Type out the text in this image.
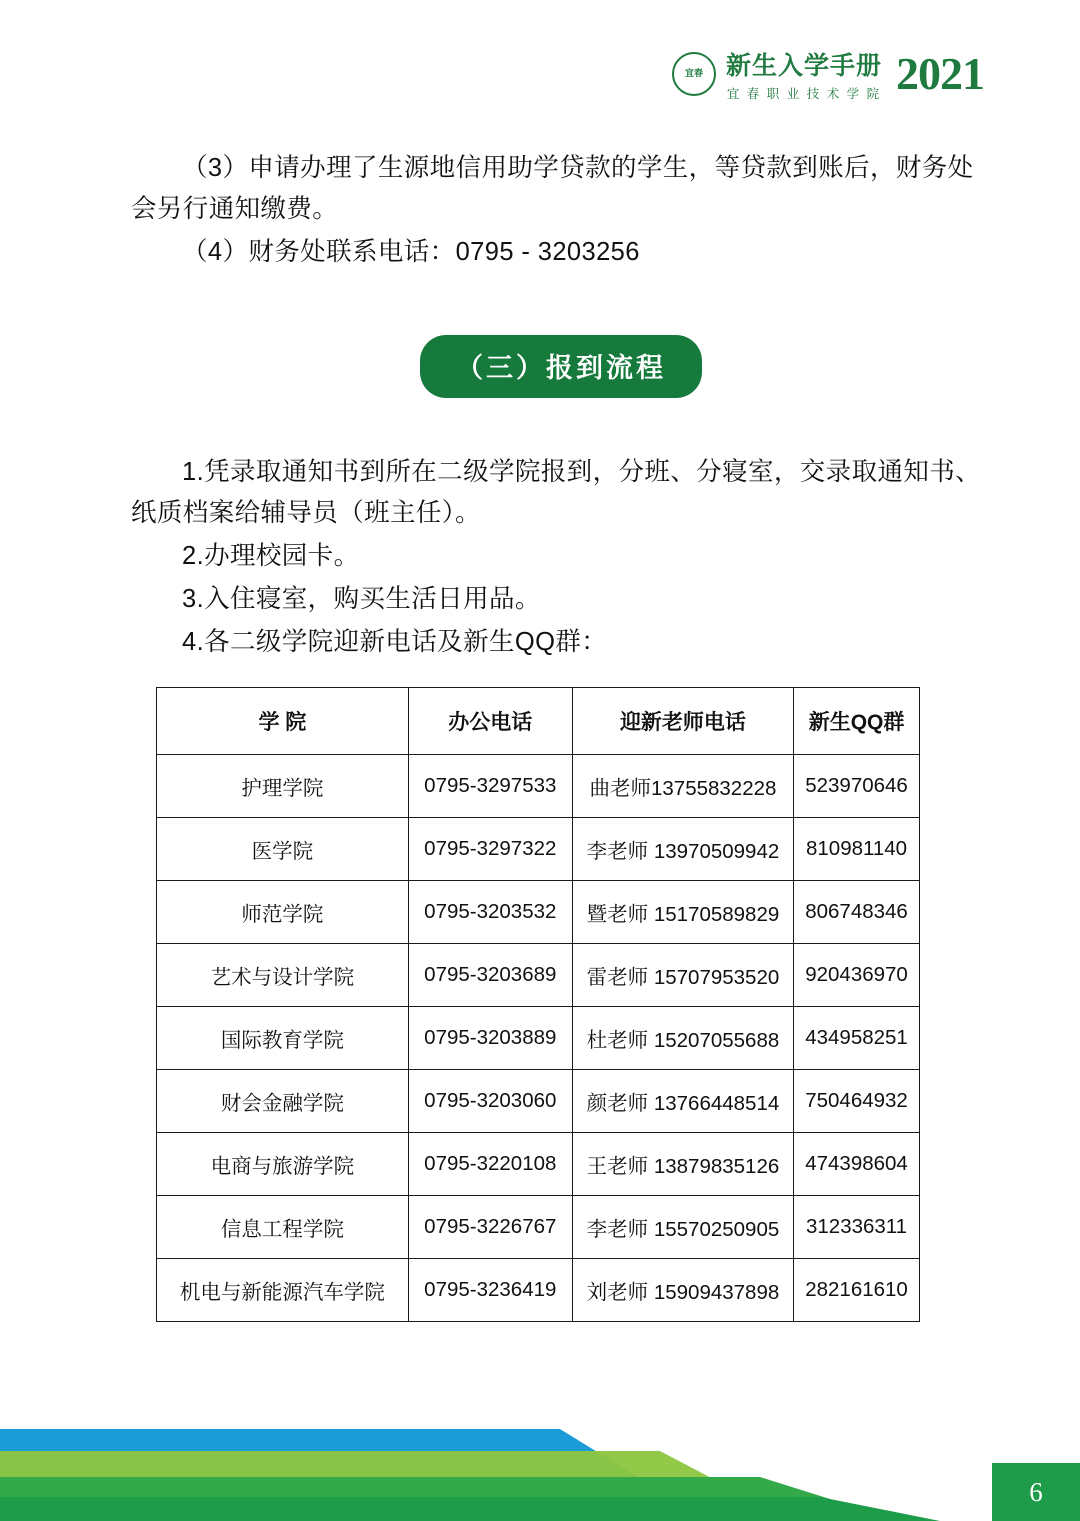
宜春 新生入学手册
宜 春 职 业 技 术 学 院 2021

（3）申请办理了生源地信用助学贷款的学生，等贷款到账后，财务处会另行通知缴费。

（4）财务处联系电话：0795 - 3203256

（三）报到流程

1.凭录取通知书到所在二级学院报到，分班、分寝室，交录取通知书、纸质档案给辅导员（班主任）。

2.办理校园卡。

3.入住寝室，购买生活日用品。

4.各二级学院迎新电话及新生QQ群：

学 院	办公电话	迎新老师电话	新生QQ群
护理学院	0795-3297533	曲老师13755832228	523970646
医学院	0795-3297322	李老师 13970509942	810981140
师范学院	0795-3203532	暨老师 15170589829	806748346
艺术与设计学院	0795-3203689	雷老师 15707953520	920436970
国际教育学院	0795-3203889	杜老师 15207055688	434958251
财会金融学院	0795-3203060	颜老师 13766448514	750464932
电商与旅游学院	0795-3220108	王老师 13879835126	474398604
信息工程学院	0795-3226767	李老师 15570250905	312336311
机电与新能源汽车学院	0795-3236419	刘老师 15909437898	282161610
6
